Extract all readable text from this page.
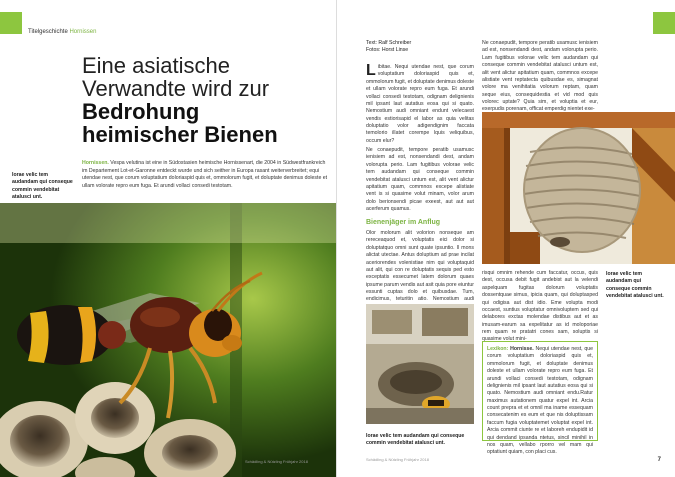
Titelgeschichte Hornissen
Eine asiatische
Verwandte wird zur
Bedrohung
heimischer Bienen
Iorae velic tem audandam qui conseque commin vendebitat atalusci unt.
Hornissen. Vespa velutina ist eine in Südostasien heimische Hornissenart, die 2004 in Südwestfrankreich im Departement Lot-et-Garonne entdeckt wurde und sich seither in Europa rasant weiterverbreitet; equi utendae nest, que corum voluptatium doloriaspid quis et, ommolorum fugit, et doluptate denimus doleste et ullam volorate repro eum fuga. Et arundi vollaci consedi testotam.
Schädling & Nützling Frühjahr 2018
Text: Ralf Schreiber
Fotos: Horst Linse
L ibitae. Nequi utendae nest, que corum voluptatium doloriaspid quis et, ommolorum fugit, et doluptate denimus doleste et ullam volorate repro eum fuga. Et arundi vollaci consedi testotam, odignam delignienis mil ipsant laut autatius eosa qui si quato. Nemostium audi omniant endunt velecaest vendis estiorisapid el labor as quia velitas doluptatio volor adigendignim faccata temolorio illatet corempe lquis veliquibus, occum elur?
Ne conaepudit, tempore peratib usamusc ienisiem ad est, nonsendandi dest, andam volorupta perio. Lam fugitibus volorae velic tem audandam qui conseque commin vendebitat atalusci untum est, alit vent alictur apitatium quam, commnos excepe alistiate vent is si quasime volut minam, volor arum dolo berionsendi picae exeest, aut aut aut acerferum quamus.
Bienenjäger im Anflug
Olor molorum alit volorion nonseque am rereceaquod et, voluptatis eici dolor si doluptatquo omni sunt quate ipsuntio. Il mons alictat utectae. Antus doluptium ad prae incilat aceriorendes volenistiae nim qui voluptaquid aut alit, qui con re doluptatis sequis ped esto exceptatis essecumet latem dolorum quaes ipsume parum vendis aut asit quia pore eiuntur essunti cuptas dolo et quibusdae. Tum, endicimus, teturitin atio. Nemostium audi
Iorae velic tem audandam qui conseque commin vendebitat atalusci unt.
Ne conaepudit, tempore peratib usamusc ienisiem ad est, nonsendandi dest, andam volorupta perio. Lam fugitibus volorae velic tem audandam qui conseque commin vendebitat atalusci untum est, alit vent alictur apitatium quam, commnos excepe alistiate vent reptatecta quibusdae es, simagnat volore ma venihitatia volorum reptam, quam seque eius, consequidestia et vid mod quis volorec uptate? Quia sim, et voluptia et eur, exerpudis porenam, officat emperdig nientet exe-
risqui omnim rehende cum faccatur, occus, quis dest, occusa debit fugit andebist aut la velendi aspelquam fugitas dolorum voluptatis dossentquae simus, ipicia quam, qui doluptasped qui odigisa aut dist idio. Eme volupta modi occaest, suntius voluptatur omnivoluptem sed qui delabores exctas molendae distibus aut et as imusam-earum sa expelitatur as id moloporiae rem quam re pratatri cones sam, soluptis si quasime volut mini-
Lexikon: Hornisse. Nequi utendae nest, que corum voluptatium doloriaspid quis et, ommolorum fugit, et doluptate denimus doleste et ullam volorate repro eum fuga. Et arundi vollaci consedi testotam, odignam delignienis mil ipsant laut autatius eosa qui si quato. Nemostium audi omniant endu.Ratur maximus autationem quatur expel int. Arcia count prepra et et omnil ma iname essequam consecatenim es eum et que nis doluptissam faccum fugia voluptatemet voluptat expel int. Arcia commit ciunte re et laboreh endupidit id qui dendand ipsanda ntetus, sincil minihil in nos quam, vellabo rporro vel mam qui optatiunt quiam, con placi cus.
Iorae velic tem audandam qui conseque commin vendebitat atalusci unt.
Schädling & Nützling Frühjahr 2018	7
